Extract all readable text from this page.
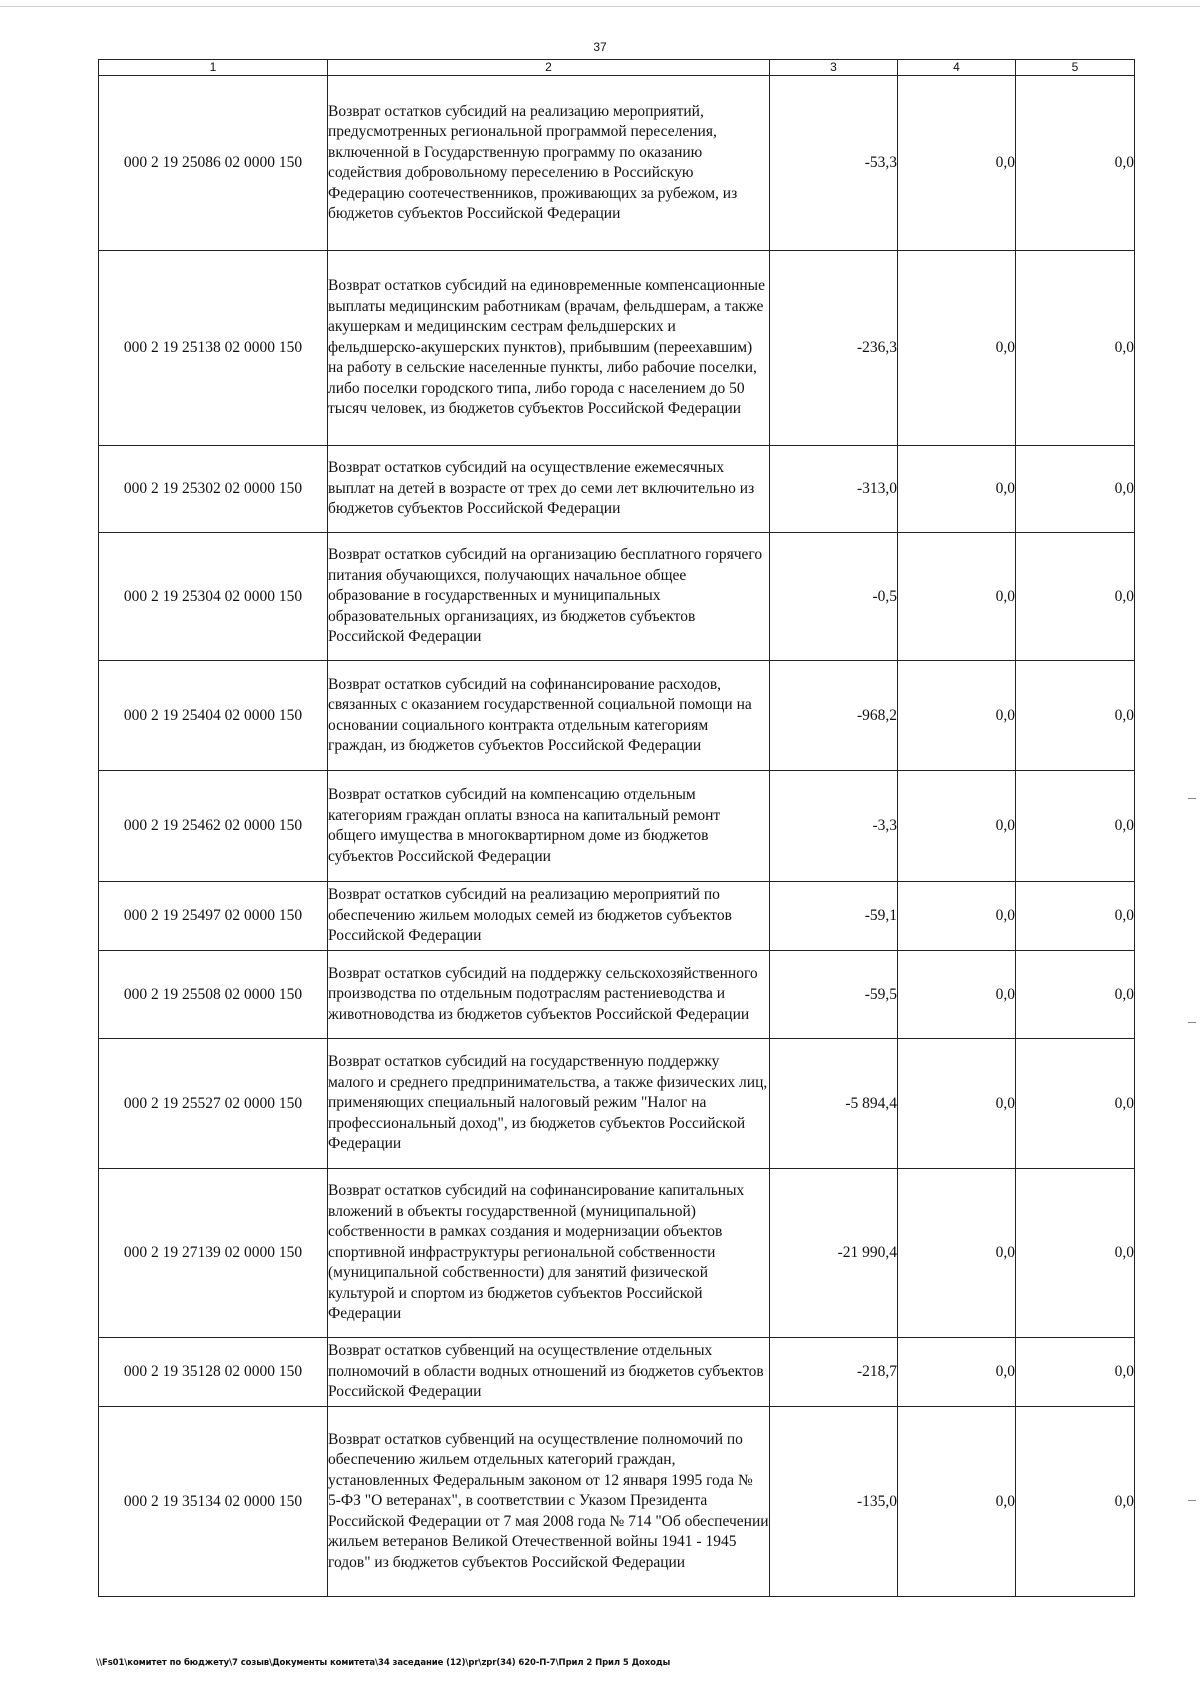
37
1	2	3	4	5
000 2 19 25086 02 0000 150	Возврат остатков субсидий на реализацию мероприятий, предусмотренных региональной программой переселения, включенной в Государственную программу по оказанию содействия добровольному переселению в Российскую Федерацию соотечественников, проживающих за рубежом, из бюджетов субъектов Российской Федерации	-53,3	0,0	0,0
000 2 19 25138 02 0000 150	Возврат остатков субсидий на единовременные компенсационные выплаты медицинским работникам (врачам, фельдшерам, а также акушеркам и медицинским сестрам фельдшерских и фельдшерско-акушерских пунктов), прибывшим (переехавшим) на работу в сельские населенные пункты, либо рабочие поселки, либо поселки городского типа, либо города с населением до 50 тысяч человек, из бюджетов субъектов Российской Федерации	-236,3	0,0	0,0
000 2 19 25302 02 0000 150	Возврат остатков субсидий на осуществление ежемесячных выплат на детей в возрасте от трех до семи лет включительно из бюджетов субъектов Российской Федерации	-313,0	0,0	0,0
000 2 19 25304 02 0000 150	Возврат остатков субсидий на организацию бесплатного горячего питания обучающихся, получающих начальное общее образование в государственных и муниципальных образовательных организациях, из бюджетов субъектов Российской Федерации	-0,5	0,0	0,0
000 2 19 25404 02 0000 150	Возврат остатков субсидий на софинансирование расходов, связанных с оказанием государственной социальной помощи на основании социального контракта отдельным категориям граждан, из бюджетов субъектов Российской Федерации	-968,2	0,0	0,0
000 2 19 25462 02 0000 150	Возврат остатков субсидий на компенсацию отдельным категориям граждан оплаты взноса на капитальный ремонт общего имущества в многоквартирном доме из бюджетов субъектов Российской Федерации	-3,3	0,0	0,0
000 2 19 25497 02 0000 150	Возврат остатков субсидий на реализацию мероприятий по обеспечению жильем молодых семей из бюджетов субъектов Российской Федерации	-59,1	0,0	0,0
000 2 19 25508 02 0000 150	Возврат остатков субсидий на поддержку сельскохозяйственного производства по отдельным подотраслям растениеводства и животноводства из бюджетов субъектов Российской Федерации	-59,5	0,0	0,0
000 2 19 25527 02 0000 150	Возврат остатков субсидий на государственную поддержку малого и среднего предпринимательства, а также физических лиц, применяющих специальный налоговый режим "Налог на профессиональный доход", из бюджетов субъектов Российской Федерации	-5 894,4	0,0	0,0
000 2 19 27139 02 0000 150	Возврат остатков субсидий на софинансирование капитальных вложений в объекты государственной (муниципальной) собственности в рамках создания и модернизации объектов спортивной инфраструктуры региональной собственности (муниципальной собственности) для занятий физической культурой и спортом из бюджетов субъектов Российской Федерации	-21 990,4	0,0	0,0
000 2 19 35128 02 0000 150	Возврат остатков субвенций на осуществление отдельных полномочий в области водных отношений из бюджетов субъектов Российской Федерации	-218,7	0,0	0,0
000 2 19 35134 02 0000 150	Возврат остатков субвенций на осуществление полномочий по обеспечению жильем отдельных категорий граждан, установленных Федеральным законом от 12 января 1995 года № 5-ФЗ "О ветеранах", в соответствии с Указом Президента Российской Федерации от 7 мая 2008 года № 714 "Об обеспечении жильем ветеранов Великой Отечественной войны 1941 - 1945 годов" из бюджетов субъектов Российской Федерации	-135,0	0,0	0,0
\\Fs01\комитет по бюджету\7 созыв\Документы комитета\34 заседание (12)\pr\zpr(34) 620-П-7\Прил 2 Прил 5 Доходы
